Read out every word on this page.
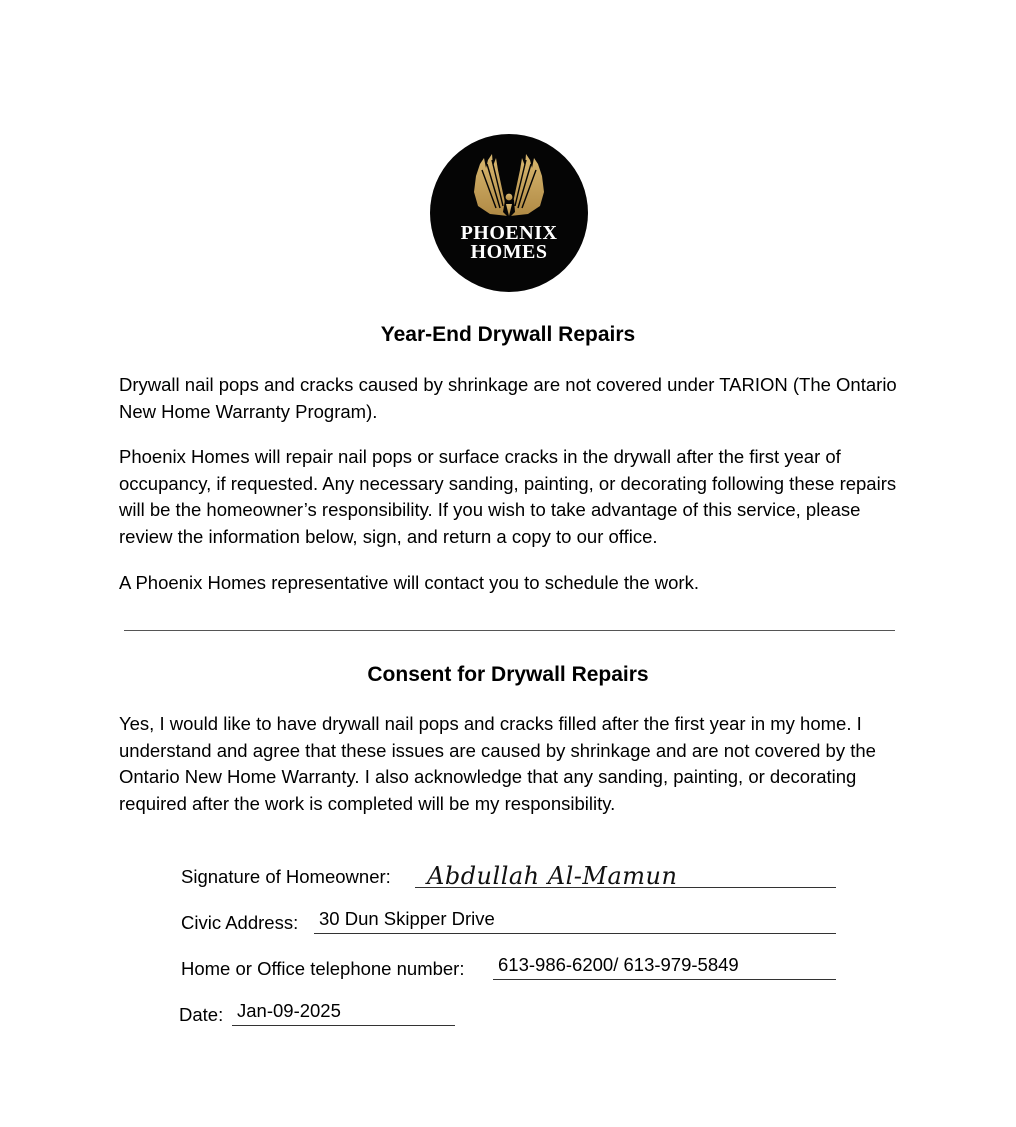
PHOENIX
HOMES
Year-End Drywall Repairs

Drywall nail pops and cracks caused by shrinkage are not covered under TARION (The Ontario New Home Warranty Program).

Phoenix Homes will repair nail pops or surface cracks in the drywall after the first year of occupancy, if requested. Any necessary sanding, painting, or decorating following these repairs will be the homeowner’s responsibility. If you wish to take advantage of this service, please review the information below, sign, and return a copy to our office.

A Phoenix Homes representative will contact you to schedule the work.

Consent for Drywall Repairs

Yes, I would like to have drywall nail pops and cracks filled after the first year in my home. I understand and agree that these issues are caused by shrinkage and are not covered by the Ontario New Home Warranty. I also acknowledge that any sanding, painting, or decorating required after the work is completed will be my responsibility.

Signature of Homeowner: Abdullah Al-Mamun
Civic Address: 30 Dun Skipper Drive
Home or Office telephone number: 613-986-6200/ 613-979-5849
Date: Jan-09-2025
